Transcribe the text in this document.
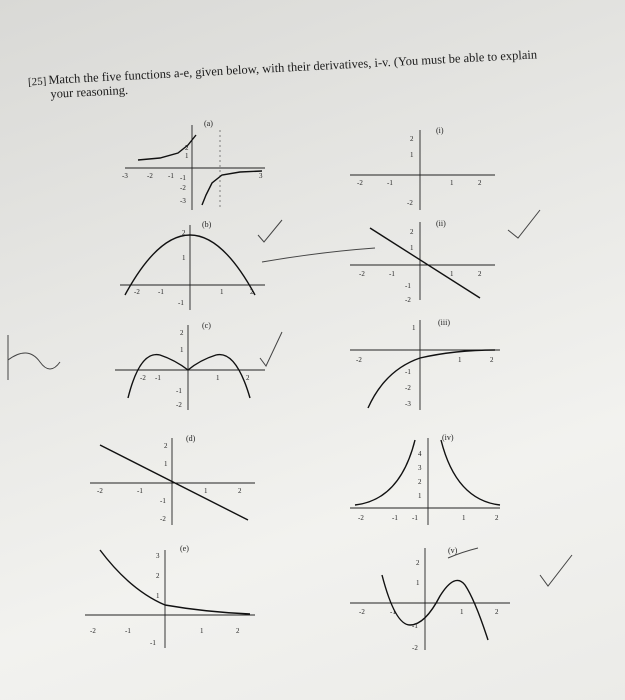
[25] Match the five functions a-e, given below, with their derivatives, i-v. (You must be able to explain
your reasoning.
(a)
-3	-2 -1	3
2
1
-1
-2
-3
(i)
-2	-1	1	2
2
1
-2
(b)
-2	-1	1	2
2
1
-1
(ii)
-2	-1	1	2
2
1
-1
-2
(c)
-2 -1	1	2
2
1
-1
-2
(iii)
-2	1	2
1
-1
-2
-3
(d)
-2	-1	1	2
2
1
-1
-2
(iv)
-2	-1	1	2
4
3
2
1
-1
(e)
-2	-1	1	2
3
2
1
-1
(v)
-2	-1	1	2
2
1
-1
-2
